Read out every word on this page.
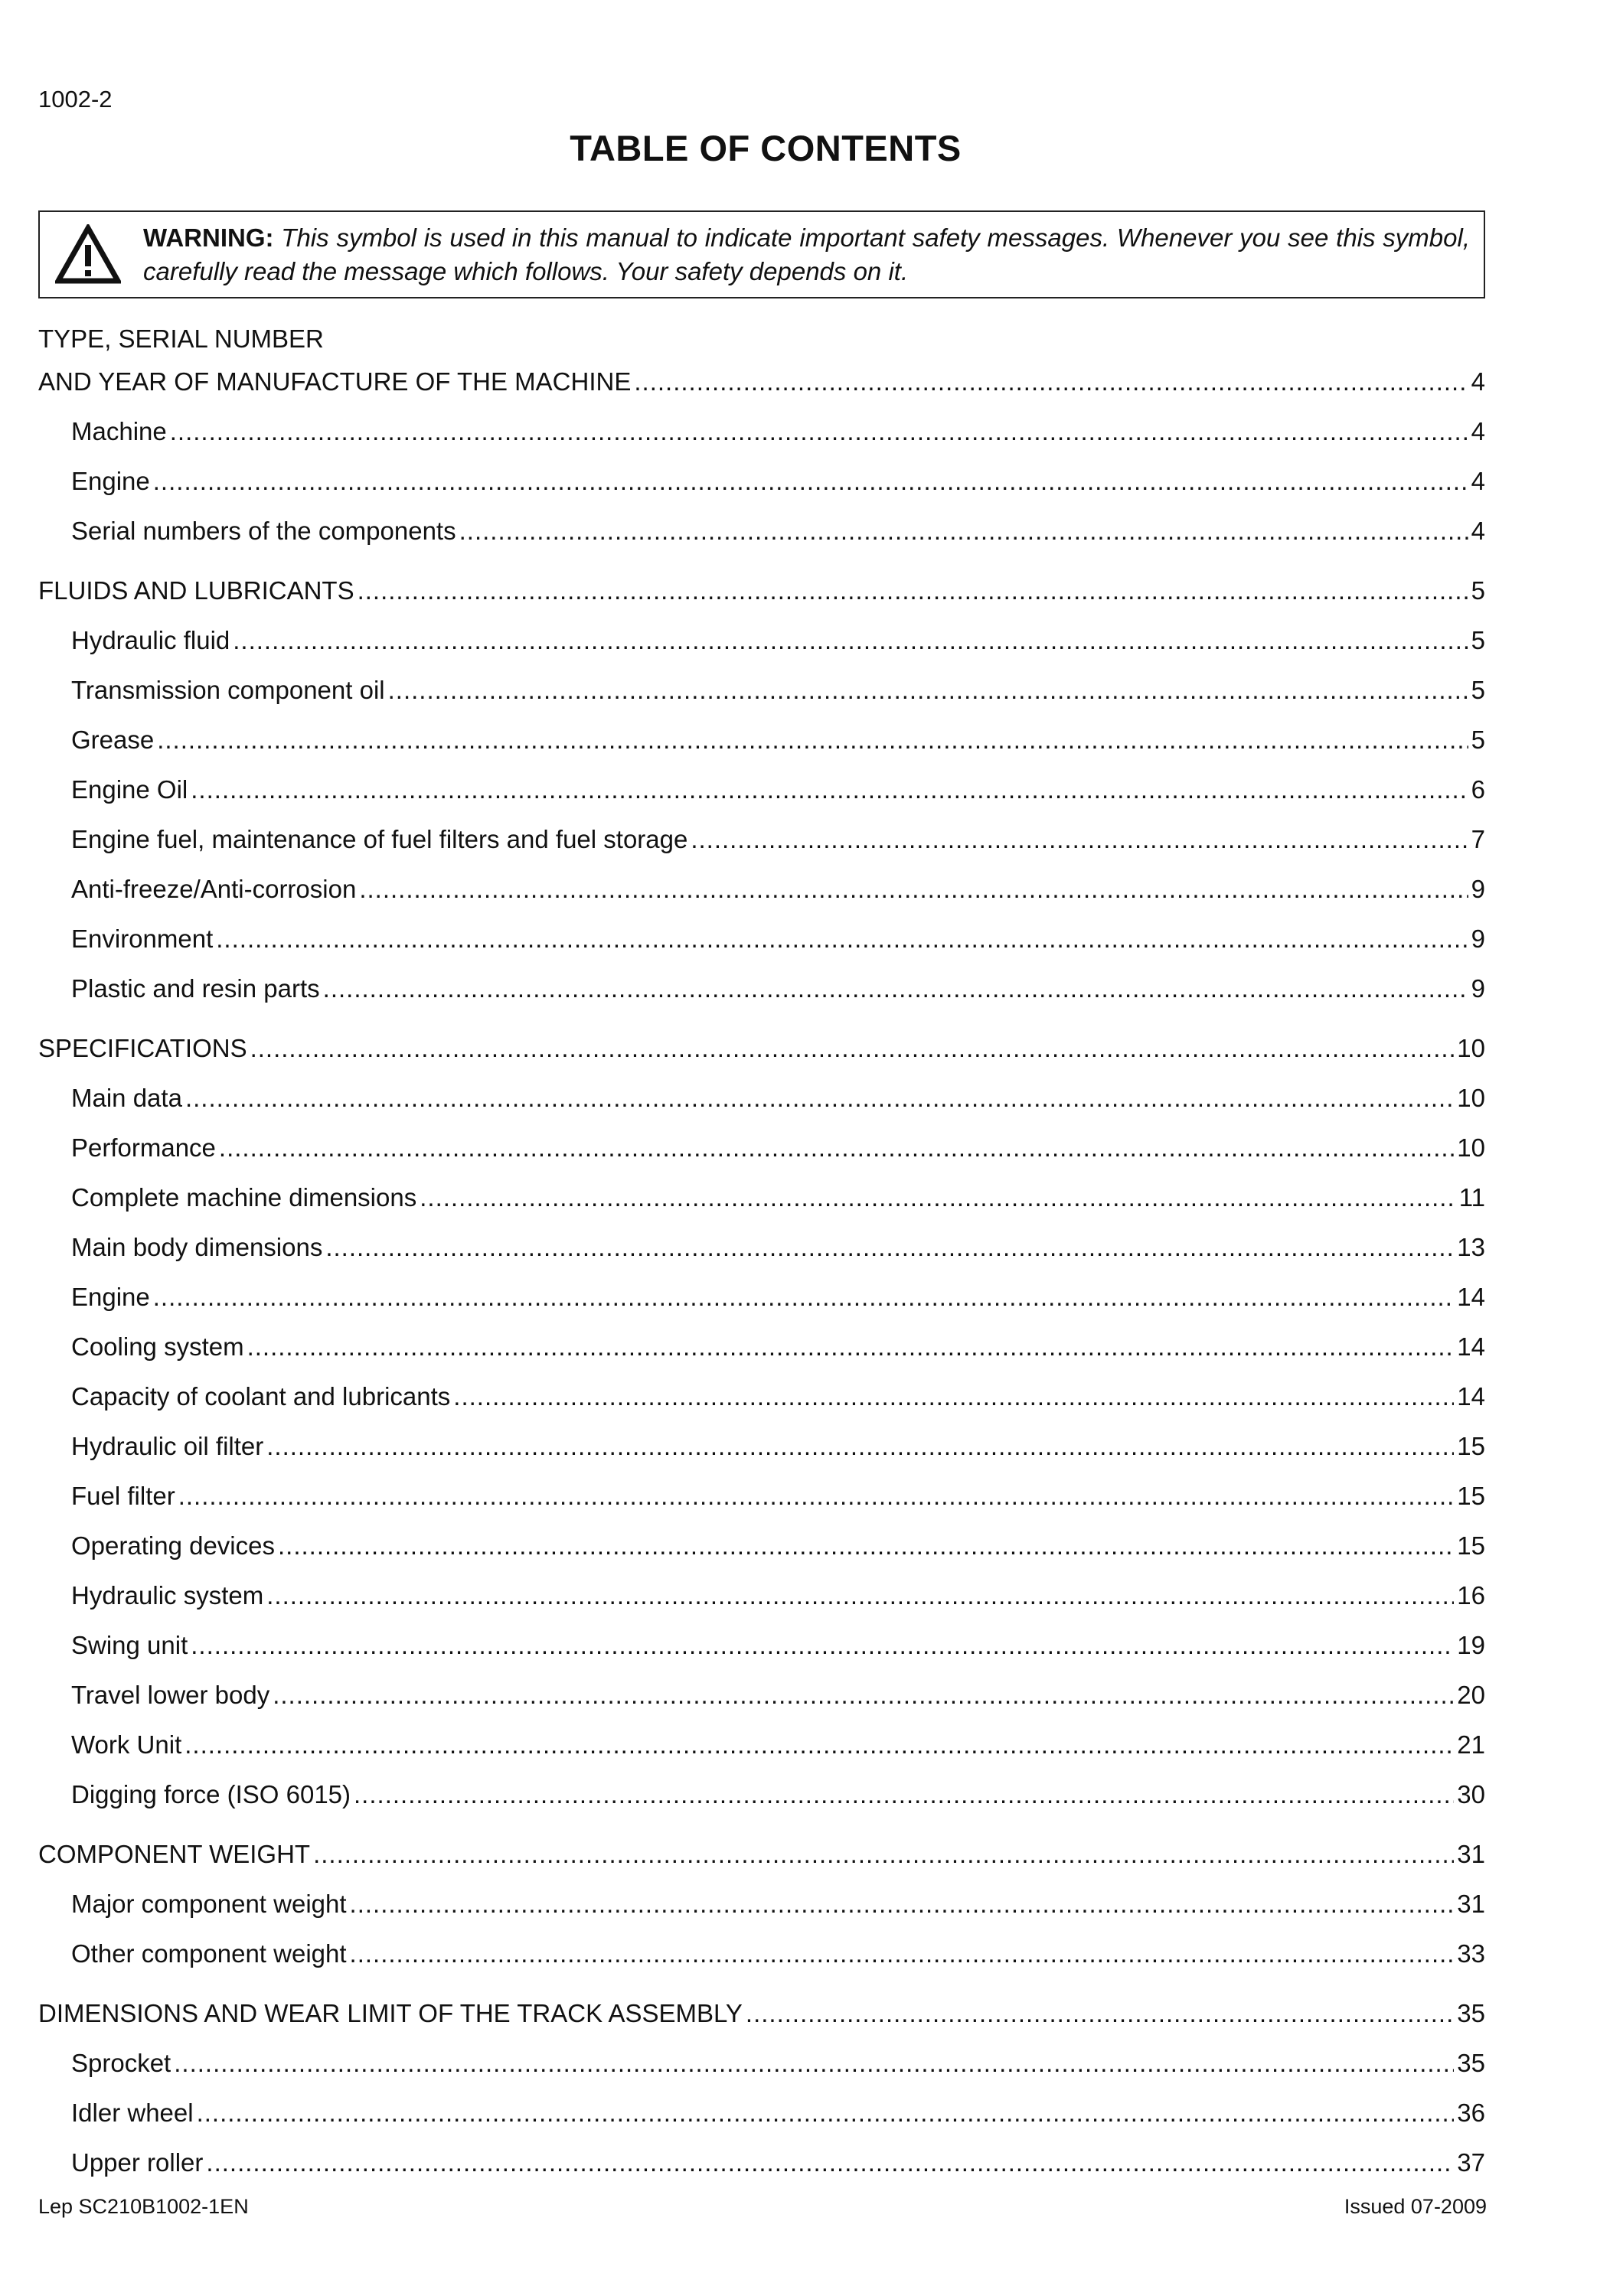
1002-2
TABLE OF CONTENTS
WARNING: This symbol is used in this manual to indicate important safety messages. Whenever you see this symbol, carefully read the message which follows. Your safety depends on it.
TYPE, SERIAL NUMBER
AND YEAR OF MANUFACTURE OF THE MACHINE .....	4
Machine .....	4
Engine .....	4
Serial numbers of the components .....	4
FLUIDS AND LUBRICANTS .....	5
Hydraulic fluid .....	5
Transmission component oil .....	5
Grease .....	5
Engine Oil .....	6
Engine fuel, maintenance of fuel filters and fuel storage .....	7
Anti-freeze/Anti-corrosion .....	9
Environment .....	9
Plastic and resin parts .....	9
SPECIFICATIONS .....	10
Main data .....	10
Performance .....	10
Complete machine dimensions .....	11
Main body dimensions .....	13
Engine .....	14
Cooling system .....	14
Capacity of coolant and lubricants .....	14
Hydraulic oil filter .....	15
Fuel filter .....	15
Operating devices .....	15
Hydraulic system .....	16
Swing unit .....	19
Travel lower body .....	20
Work Unit .....	21
Digging force (ISO 6015) .....	30
COMPONENT WEIGHT .....	31
Major component weight .....	31
Other component weight .....	33
DIMENSIONS AND WEAR LIMIT OF THE TRACK ASSEMBLY .....	35
Sprocket .....	35
Idler wheel .....	36
Upper roller .....	37
Lep SC210B1002-1EN	Issued 07-2009
